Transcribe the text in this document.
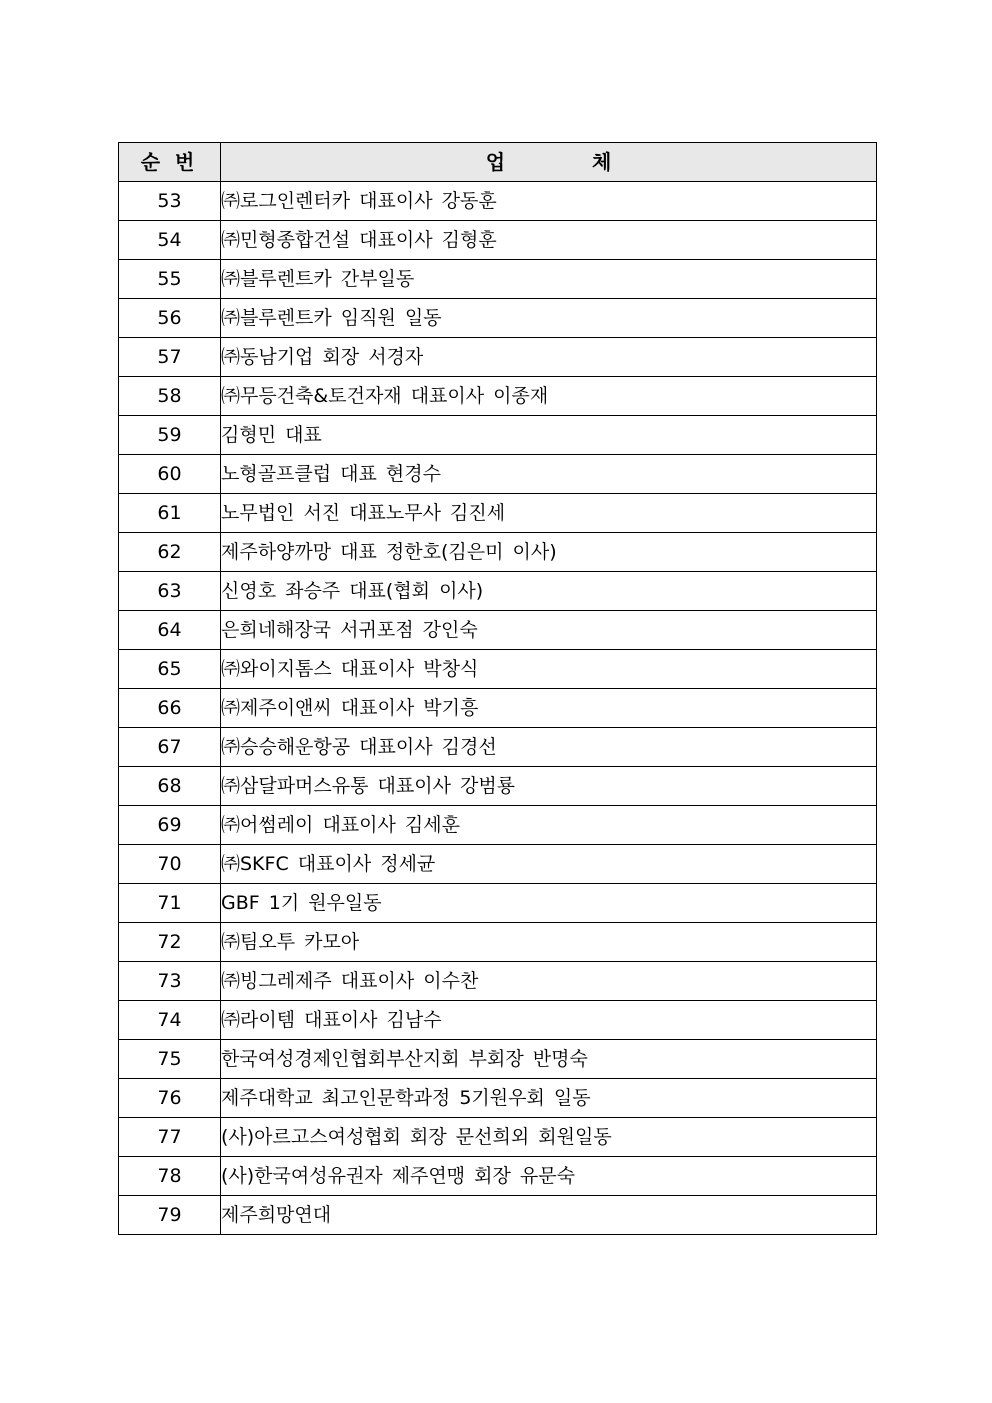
순 번	업 체
53	㈜로그인렌터카 대표이사 강동훈
54	㈜민형종합건설 대표이사 김형훈
55	㈜블루렌트카 간부일동
56	㈜블루렌트카 임직원 일동
57	㈜동남기업 회장 서경자
58	㈜무등건축&토건자재 대표이사 이종재
59	김형민 대표
60	노형골프클럽 대표 현경수
61	노무법인 서진 대표노무사 김진세
62	제주하양까망 대표 정한호(김은미 이사)
63	신영호 좌승주 대표(협회 이사)
64	은희네해장국 서귀포점 강인숙
65	㈜와이지톰스 대표이사 박창식
66	㈜제주이앤씨 대표이사 박기흥
67	㈜승승해운항공 대표이사 김경선
68	㈜삼달파머스유통 대표이사 강범룡
69	㈜어썸레이 대표이사 김세훈
70	㈜SKFC 대표이사 정세균
71	GBF 1기 원우일동
72	㈜팀오투 카모아
73	㈜빙그레제주 대표이사 이수찬
74	㈜라이템 대표이사 김남수
75	한국여성경제인협회부산지회 부회장 반명숙
76	제주대학교 최고인문학과정 5기원우회 일동
77	(사)아르고스여성협회 회장 문선희외 회원일동
78	(사)한국여성유권자 제주연맹 회장 유문숙
79	제주희망연대
